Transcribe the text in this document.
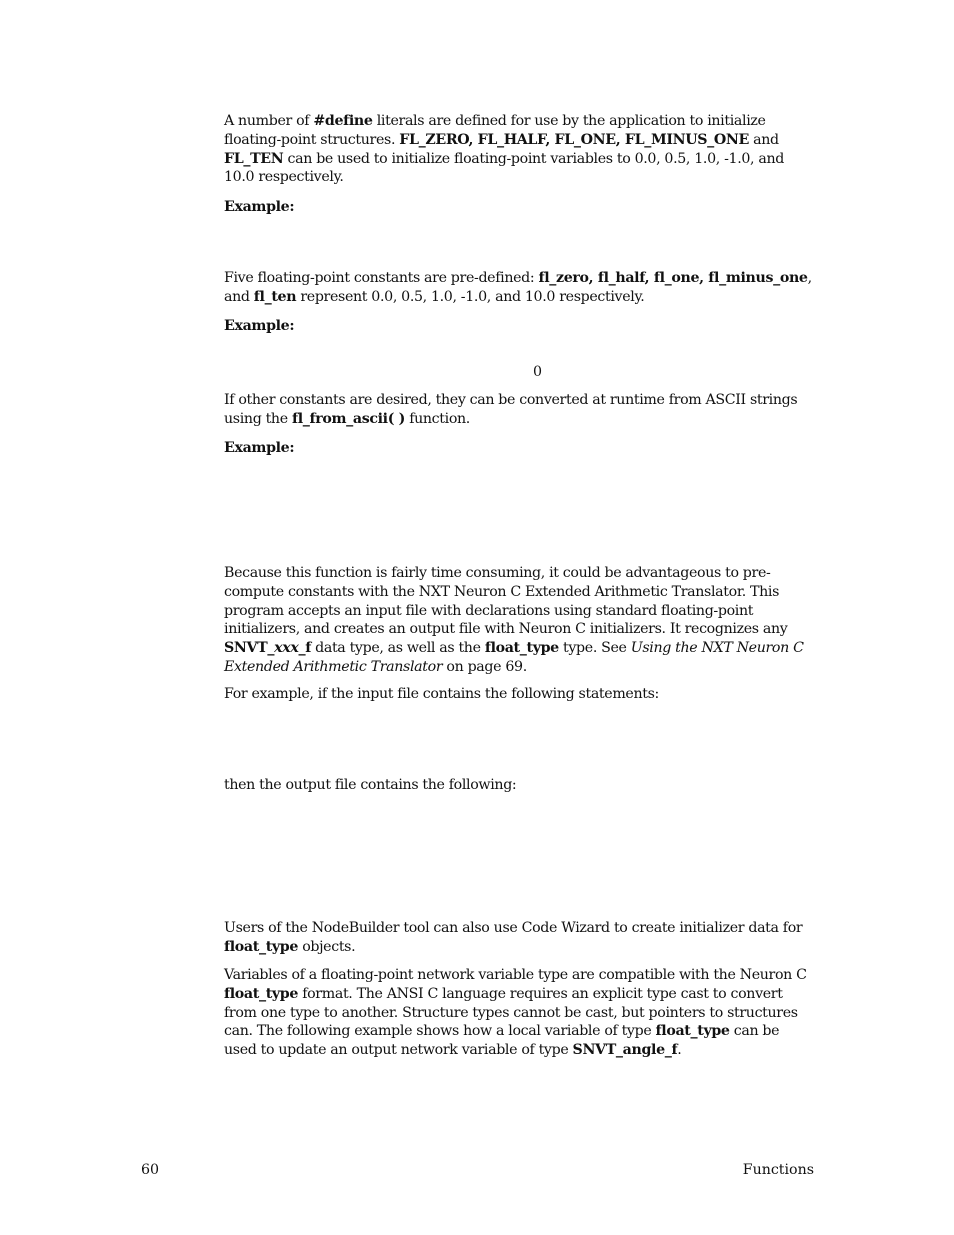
A number of #define literals are defined for use by the application to initialize floating-point structures. FL_ZERO, FL_HALF, FL_ONE, FL_MINUS_ONE and FL_TEN can be used to initialize floating-point variables to 0.0, 0.5, 1.0, -1.0, and 10.0 respectively.

Example:

Five floating-point constants are pre-defined: fl_zero, fl_half, fl_one, fl_minus_one, and fl_ten represent 0.0, 0.5, 1.0, -1.0, and 10.0 respectively.

Example:

0

If other constants are desired, they can be converted at runtime from ASCII strings using the fl_from_ascii( ) function.

Example:

Because this function is fairly time consuming, it could be advantageous to pre-compute constants with the NXT Neuron C Extended Arithmetic Translator. This program accepts an input file with declarations using standard floating-point initializers, and creates an output file with Neuron C initializers. It recognizes any SNVT_xxx_f data type, as well as the float_type type. See Using the NXT Neuron C Extended Arithmetic Translator on page 69.

For example, if the input file contains the following statements:

then the output file contains the following:

Users of the NodeBuilder tool can also use Code Wizard to create initializer data for float_type objects.

Variables of a floating-point network variable type are compatible with the Neuron C float_type format. The ANSI C language requires an explicit type cast to convert from one type to another. Structure types cannot be cast, but pointers to structures can. The following example shows how a local variable of type float_type can be used to update an output network variable of type SNVT_angle_f.

60	Functions
